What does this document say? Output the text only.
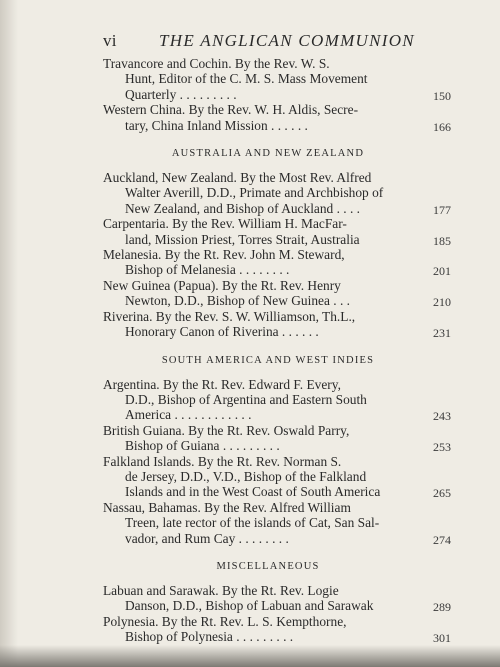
vi THE ANGLICAN COMMUNION
Travancore and Cochin. By the Rev. W. S.
Hunt, Editor of the C. M. S. Mass Movement
Quarterly . . . . . . . . .	150
Western China. By the Rev. W. H. Aldis, Secre-
tary, China Inland Mission . . . . . .	166
AUSTRALIA AND NEW ZEALAND
Auckland, New Zealand. By the Most Rev. Alfred
Walter Averill, D.D., Primate and Archbishop of
New Zealand, and Bishop of Auckland . . . .	177
Carpentaria. By the Rev. William H. MacFar-
land, Mission Priest, Torres Strait, Australia	185
Melanesia. By the Rt. Rev. John M. Steward,
Bishop of Melanesia . . . . . . . .	201
New Guinea (Papua). By the Rt. Rev. Henry
Newton, D.D., Bishop of New Guinea . . .	210
Riverina. By the Rev. S. W. Williamson, Th.L.,
Honorary Canon of Riverina . . . . . .	231
SOUTH AMERICA AND WEST INDIES
Argentina. By the Rt. Rev. Edward F. Every,
D.D., Bishop of Argentina and Eastern South
America . . . . . . . . . . . .	243
British Guiana. By the Rt. Rev. Oswald Parry,
Bishop of Guiana . . . . . . . . .	253
Falkland Islands. By the Rt. Rev. Norman S.
de Jersey, D.D., V.D., Bishop of the Falkland
Islands and in the West Coast of South America	265
Nassau, Bahamas. By the Rev. Alfred William
Treen, late rector of the islands of Cat, San Sal-
vador, and Rum Cay . . . . . . . .	274
MISCELLANEOUS
Labuan and Sarawak. By the Rt. Rev. Logie
Danson, D.D., Bishop of Labuan and Sarawak	289
Polynesia. By the Rt. Rev. L. S. Kempthorne,
Bishop of Polynesia . . . . . . . . .	301
